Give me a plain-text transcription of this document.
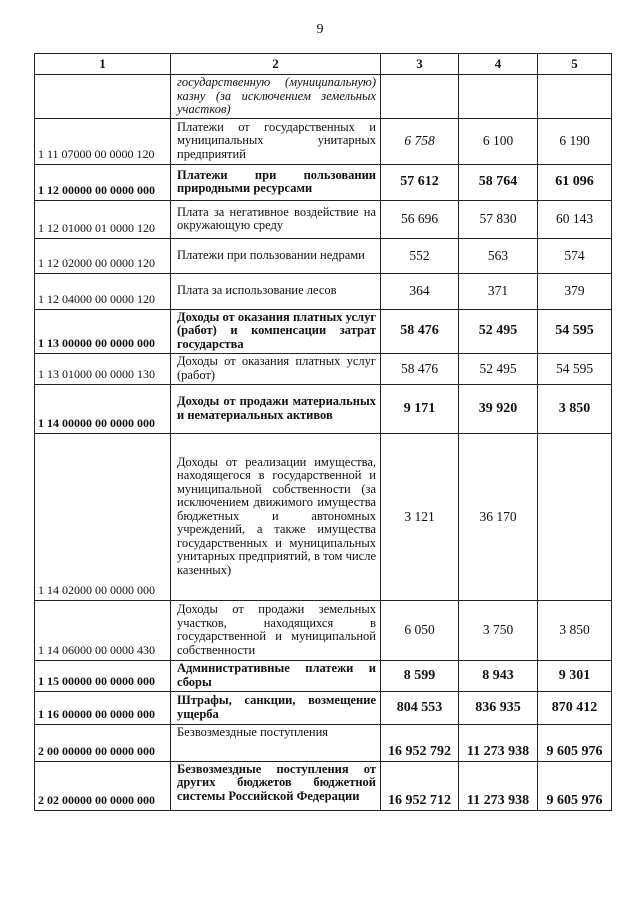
9
1	2	3	4	5
	государственную (муниципальную) казну (за исключением земельных участков)			
1 11 07000 00 0000 120	Платежи от государственных и муниципальных унитарных предприятий	6 758	6 100	6 190
1 12 00000 00 0000 000	Платежи при пользовании природными ресурсами	57 612	58 764	61 096
1 12 01000 01 0000 120	Плата за негативное воздействие на окружающую среду	56 696	57 830	60 143
1 12 02000 00 0000 120	Платежи при пользовании недрами	552	563	574
1 12 04000 00 0000 120	Плата за использование лесов	364	371	379
1 13 00000 00 0000 000	Доходы от оказания платных услуг (работ) и компенсации затрат государства	58 476	52 495	54 595
1 13 01000 00 0000 130	Доходы от оказания платных услуг (работ)	58 476	52 495	54 595
1 14 00000 00 0000 000	Доходы от продажи материальных и нематериальных активов	9 171	39 920	3 850
1 14 02000 00 0000 000	Доходы от реализации имущества, находящегося в государственной и муниципальной собственности (за исключением движимого имущества бюджетных и автономных учреждений, а также имущества государственных и муниципальных унитарных предприятий, в том числе казенных)	3 121	36 170	
1 14 06000 00 0000 430	Доходы от продажи земельных участков, находящихся в государственной и муниципальной собственности	6 050	3 750	3 850
1 15 00000 00 0000 000	Административные платежи и сборы	8 599	8 943	9 301
1 16 00000 00 0000 000	Штрафы, санкции, возмещение ущерба	804 553	836 935	870 412
2 00 00000 00 0000 000	Безвозмездные поступления	16 952 792	11 273 938	9 605 976
2 02 00000 00 0000 000	Безвозмездные поступления от других бюджетов бюджетной системы Российской Федерации	16 952 712	11 273 938	9 605 976
